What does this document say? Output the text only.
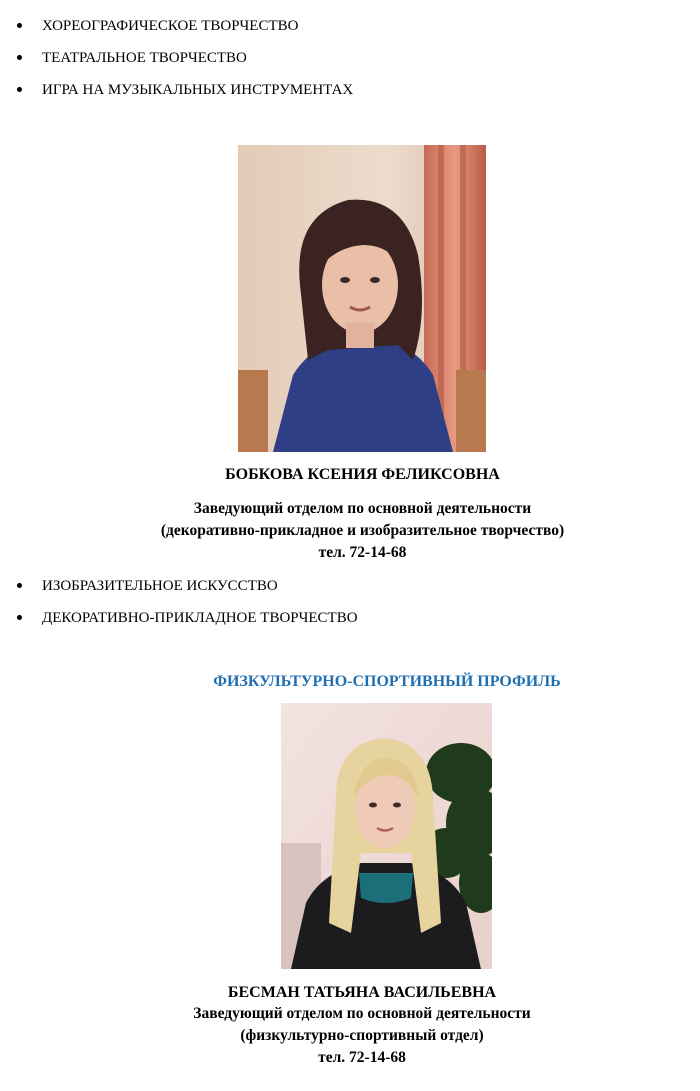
ХОРЕОГРАФИЧЕСКОЕ ТВОРЧЕСТВО
ТЕАТРАЛЬНОЕ ТВОРЧЕСТВО
ИГРА НА МУЗЫКАЛЬНЫХ ИНСТРУМЕНТАХ
БОБКОВА КСЕНИЯ ФЕЛИКСОВНА
Заведующий отделом по основной деятельности
(декоративно-прикладное и изобразительное творчество)
тел. 72-14-68
ИЗОБРАЗИТЕЛЬНОЕ ИСКУССТВО
ДЕКОРАТИВНО-ПРИКЛАДНОЕ ТВОРЧЕСТВО
ФИЗКУЛЬТУРНО-СПОРТИВНЫЙ ПРОФИЛЬ
БЕСМАН ТАТЬЯНА ВАСИЛЬЕВНА
Заведующий отделом по основной деятельности
(физкультурно-спортивный отдел)
тел. 72-14-68
